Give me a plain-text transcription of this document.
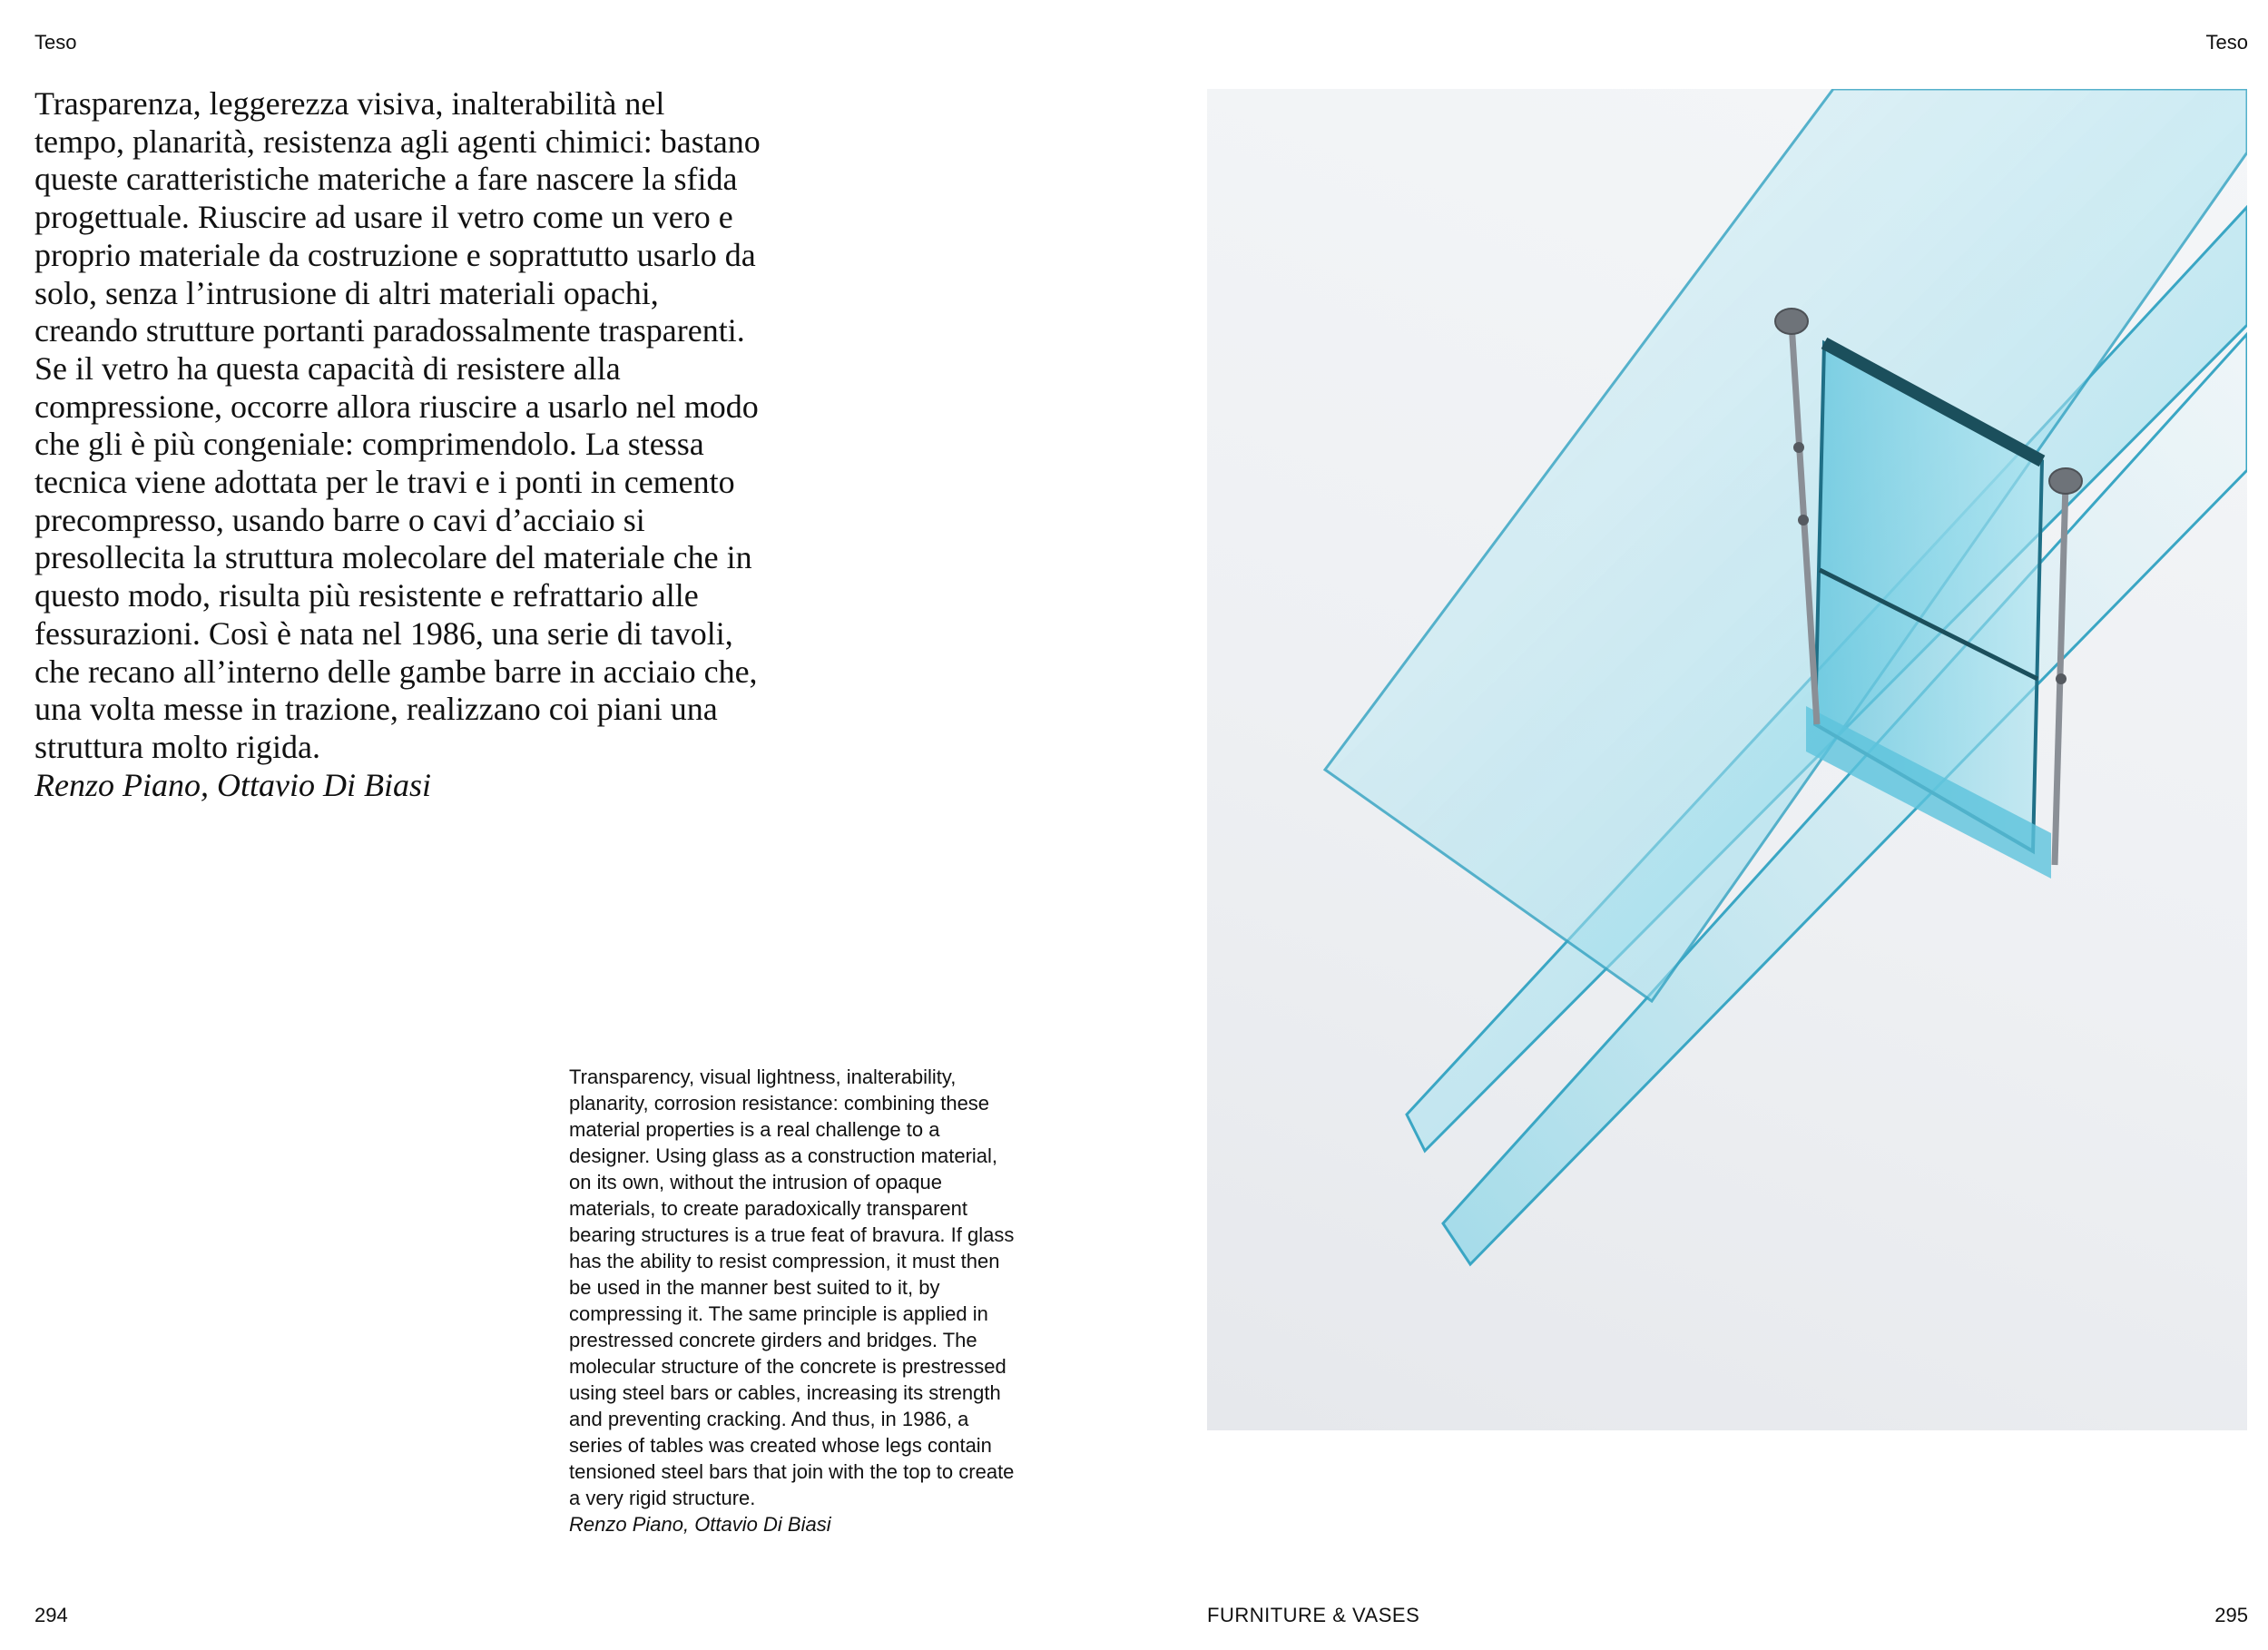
Teso	Teso

Trasparenza, leggerezza visiva, inalterabilità nel tempo, planarità, resistenza agli agenti chimici: bastano queste caratteristiche materiche a fare nascere la sfida progettuale. Riuscire ad usare il vetro come un vero e proprio materiale da costruzione e soprattutto usarlo da solo, senza l’intrusione di altri materiali opachi, creando strutture portanti paradossalmente trasparenti. Se il vetro ha questa capacità di resistere alla compressione, occorre allora riuscire a usarlo nel modo che gli è più congeniale: comprimendolo. La stessa tecnica viene adottata per le travi e i ponti in cemento precompresso, usando barre o cavi d’acciaio si presollecita la struttura molecolare del materiale che in questo modo, risulta più resistente e refrattario alle fessurazioni. Così è nata nel 1986, una serie di tavoli, che recano all’interno delle gambe barre in acciaio che, una volta messe in trazione, realizzano coi piani una struttura molto rigida.

Renzo Piano, Ottavio Di Biasi

Transparency, visual lightness, inalterability, planarity, corrosion resistance: combining these material properties is a real challenge to a designer. Using glass as a construction material, on its own, without the intrusion of opaque materials, to create paradoxically transparent bearing structures is a true feat of bravura. If glass has the ability to resist compression, it must then be used in the manner best suited to it, by compressing it. The same principle is applied in prestressed concrete girders and bridges. The molecular structure of the concrete is prestressed using steel bars or cables, increasing its strength and preventing cracking. And thus, in 1986, a series of tables was created whose legs contain tensioned steel bars that join with the top to create a very rigid structure.

Renzo Piano, Ottavio Di Biasi

294	FURNITURE & VASES	295
